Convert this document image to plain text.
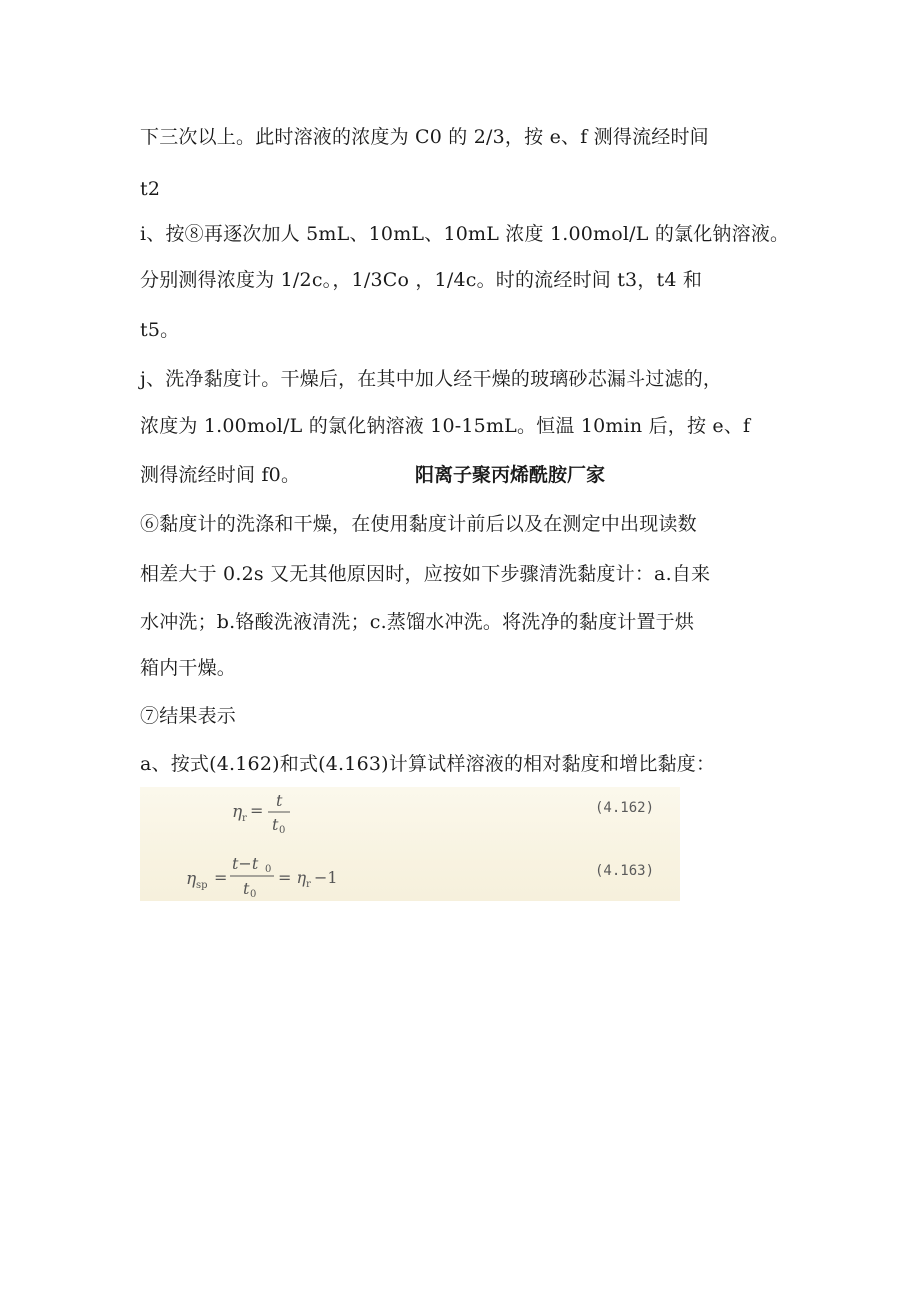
下三次以上。此时溶液的浓度为 C0 的 2/3，按 e、f 测得流经时间
t2
i、按⑧再逐次加人 5mL、10mL、10mL 浓度 1.00mol/L 的氯化钠溶液。
分别测得浓度为 1/2c。，1/3Co ，1/4c。时的流经时间 t3，t4 和
t5。
j、洗净黏度计。干燥后，在其中加人经干燥的玻璃砂芯漏斗过滤的，
浓度为 1.00mol/L 的氯化钠溶液 10-15mL。恒温 10min 后，按 e、f
测得流经时间 f0。	阳离子聚丙烯酰胺厂家
⑥黏度计的洗涤和干燥，在使用黏度计前后以及在测定中出现读数
相差大于 0.2s 又无其他原因时，应按如下步骤清洗黏度计：a.自来
水冲洗；b.铬酸洗液清洗；c.蒸馏水冲洗。将洗净的黏度计置于烘
箱内干燥。
⑦结果表示
a、按式(4.162)和式(4.163)计算试样溶液的相对黏度和增比黏度：
η r =
t
t 0
(4.162)
η sp =
t−t 0
t 0
= η r −1	(4.163)
